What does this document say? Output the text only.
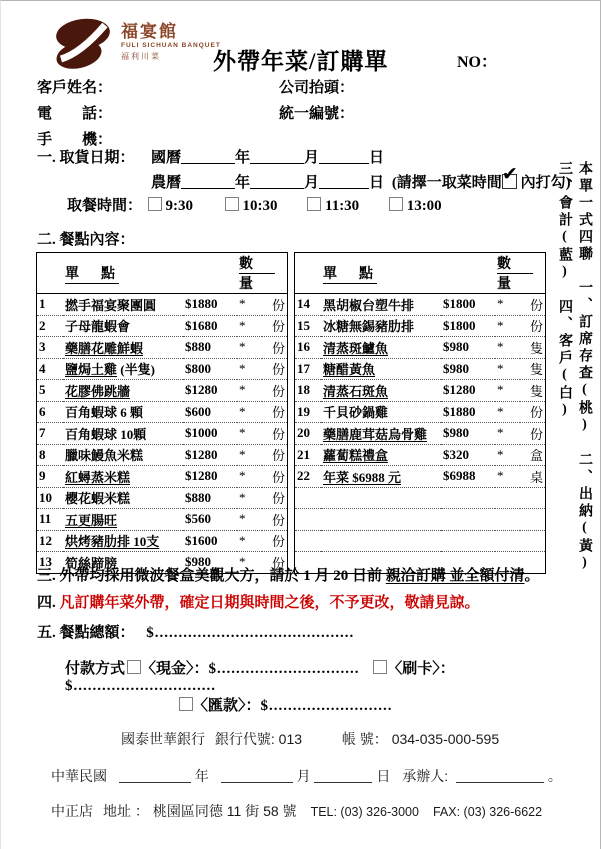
福宴館
FULI SICHUAN BANQUET
福利川菜	外帶年菜/訂購單	NO：
客戶姓名：	公司抬頭：
電　　話：	統一編號：
手　　機：
一. 取貨日期： 國曆	年	月	日
農曆	年	月	日 (請擇一取菜時間 ✔ 內打勾)
取餐時間： 9:30	10:30	11:30	13:00
二. 餐點內容：
	單　點		數　量	
1	撚手福宴聚團圓	$1880	*	份
2	子母龍蝦會	$1680	*	份
3	藥膳花雕鮮蝦	$880	*	份
4	鹽焗土雞 (半隻)	$800	*	份
5	花膠佛跳牆	$1280	*	份
6	百角蝦球 6 顆	$600	*	份
7	百角蝦球 10顆	$1000	*	份
8	臘味鰻魚米糕	$1280	*	份
9	紅蟳蒸米糕	$1280	*	份
10	櫻花蝦米糕	$880	*	份
11	五更腸旺	$560	*	份
12	烘烤豬肋排 10支	$1600	*	份
13	筍絲蹄膀	$980	*	份
	單　點		數　量	
14	黑胡椒台塑牛排	$1800	*	份
15	冰糖無錫豬肋排	$1800	*	份
16	清蒸斑鱸魚	$980	*	隻
17	糖醋黃魚	$980	*	隻
18	清蒸石斑魚	$1280	*	隻
19	千貝砂鍋雞	$1880	*	份
20	藥膳鹿茸菇烏骨雞	$980	*	份
21	蘿蔔糕禮盒	$320	*	盒
22	年菜 $6988 元	$6988	*	桌

					本單一式四聯　一、訂席存查(桃)　二、出納(黃)　三、會計(藍)　四、客戶(白)
三. 外帶均採用微波餐盒美觀大方，請於 1 月 20 日前 親洽訂購 並全額付清。
四. 凡訂購年菜外帶，確定日期與時間之後，不予更改，敬請見諒。
五. 餐點總額： $..........................................
付款方式 〈現金〉：$.............................. 〈刷卡〉：$..............................
〈匯款〉：$..........................
國泰世華銀行 銀行代號: 013	帳 號： 034-035-000-595
中華民國	年	月	日 承辦人:	。
中正店 地址 ： 桃園區同德 11 街 58 號 TEL: (03) 326-3000 FAX: (03) 326-6622
